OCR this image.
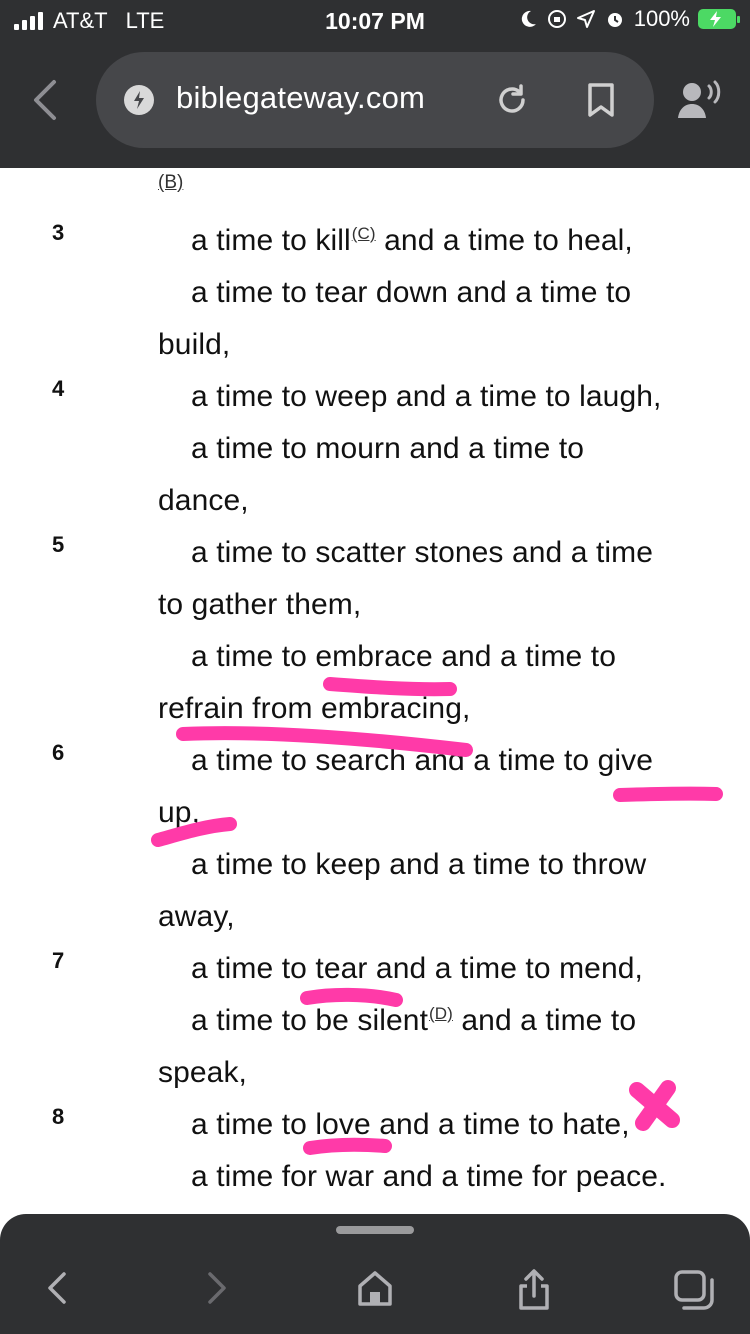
AT&T LTE	10:07 PM	100%
biblegateway.com
(B)
3
4
5
6
7
8
a time to kill$^{(C)}$ and a time to heal,
a time to tear down and a time to
build,
a time to weep and a time to laugh,
a time to mourn and a time to
dance,
a time to scatter stones and a time
to gather them,
a time to embrace and a time to
refrain from embracing,
a time to search and a time to give
up,
a time to keep and a time to throw
away,
a time to tear and a time to mend,
a time to be silent$^{(D)}$ and a time to
speak,
a time to love and a time to hate,
a time for war and a time for peace.
